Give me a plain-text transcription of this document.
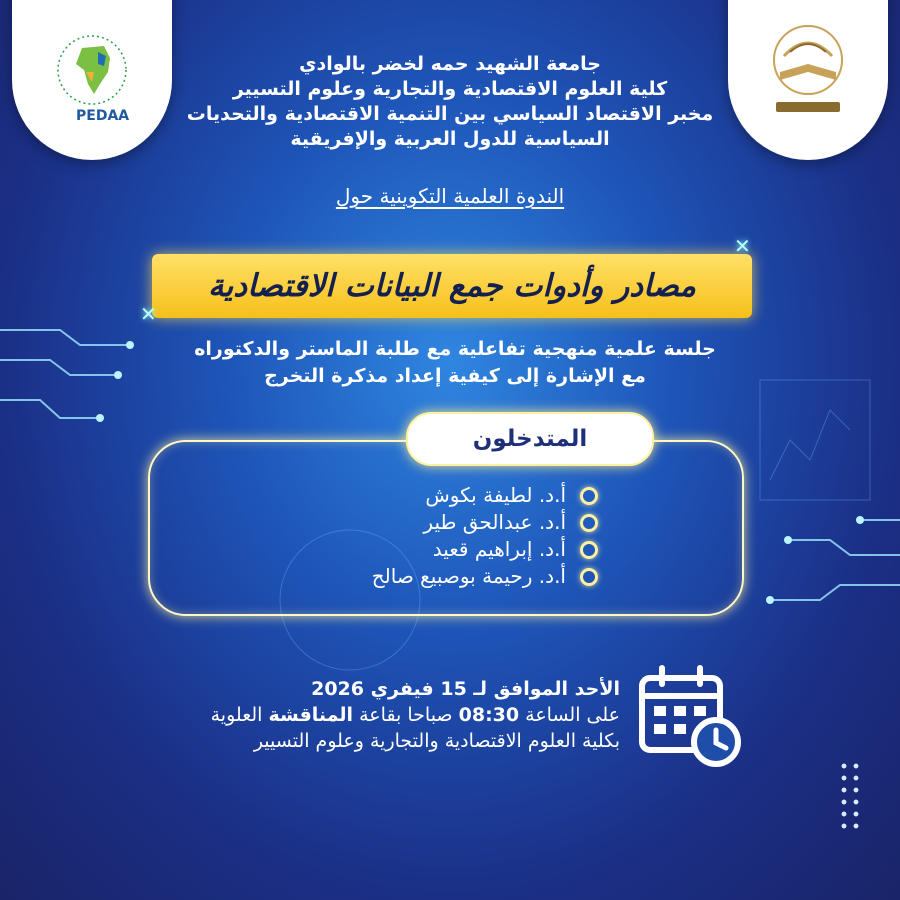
PEDAA
جامعة الشهيد حمه لخضر بالوادي
كلية العلوم الاقتصادية والتجارية وعلوم التسيير
مخبر الاقتصاد السياسي بين التنمية الاقتصادية والتحديات
السياسية للدول العربية والإفريقية
الندوة العلمية التكوينية حول
مصادر وأدوات جمع البيانات الاقتصادية
✕
✕
جلسة علمية منهجية تفاعلية مع طلبة الماستر والدكتوراه
مع الإشارة إلى كيفية إعداد مذكرة التخرج
المتدخلون
أ.د. لطيفة بكوش
أ.د. عبدالحق طير
أ.د. إبراهيم قعيد
أ.د. رحيمة بوصبيع صالح
الأحد الموافق لـ 15 فيفري 2026
على الساعة 08:30 صباحا بقاعة المناقشة العلوية
بكلية العلوم الاقتصادية والتجارية وعلوم التسيير
